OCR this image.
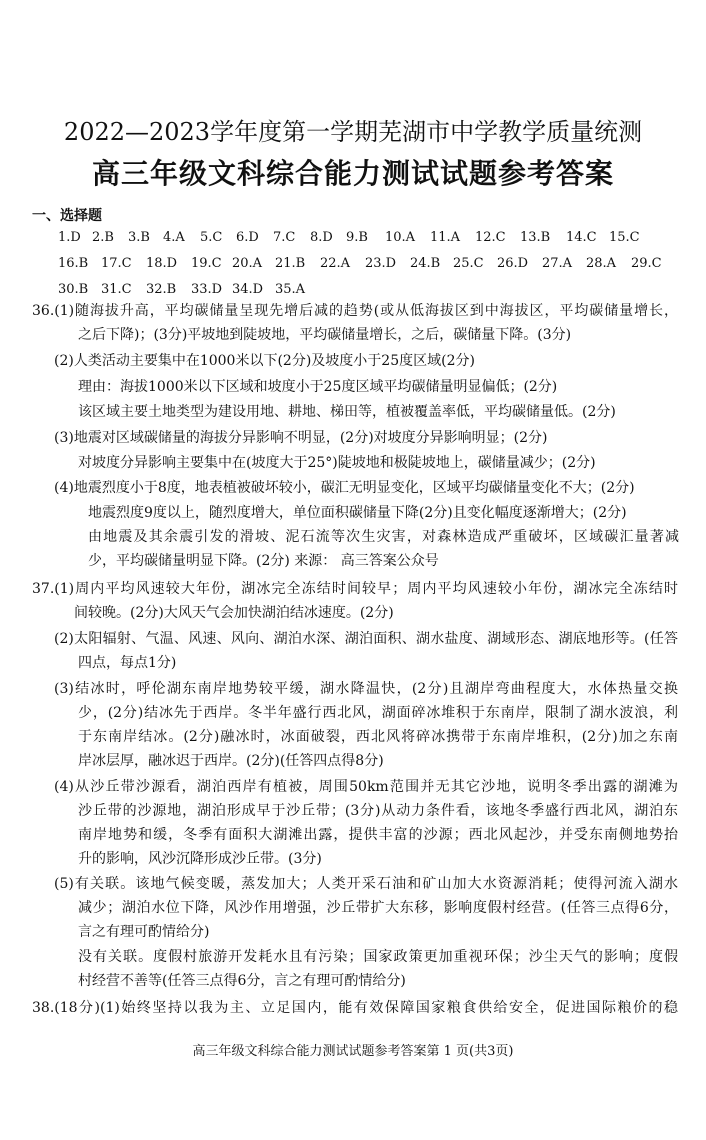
2022—2023学年度第一学期芜湖市中学教学质量统测
高三年级文科综合能力测试试题参考答案
一、选择题
1.D 2.B 3.B 4.A 5.C 6.D 7.C 8.D 9.B 10.A 11.A 12.C 13.B 14.C 15.C
16.B 17.C 18.D 19.C 20.A 21.B 22.A 23.D 24.B 25.C 26.D 27.A 28.A 29.C
30.B 31.C 32.B 33.D 34.D 35.A
36.(1)随海拔升高，平均碳储量呈现先增后减的趋势(或从低海拔区到中海拔区，平均碳储量增长，
之后下降)；(3分)平坡地到陡坡地，平均碳储量增长，之后，碳储量下降。(3分)
(2)人类活动主要集中在1000米以下(2分)及坡度小于25度区域(2分)
理由：海拔1000米以下区域和坡度小于25度区域平均碳储量明显偏低；(2分)
该区域主要土地类型为建设用地、耕地、梯田等，植被覆盖率低，平均碳储量低。(2分)
(3)地震对区域碳储量的海拔分异影响不明显，(2分)对坡度分异影响明显；(2分)
对坡度分异影响主要集中在(坡度大于25°)陡坡地和极陡坡地上，碳储量减少；(2分)
(4)地震烈度小于8度，地表植被破坏较小，碳汇无明显变化，区域平均碳储量变化不大；(2分)
地震烈度9度以上，随烈度增大，单位面积碳储量下降(2分)且变化幅度逐渐增大；(2分)
由地震及其余震引发的滑坡、泥石流等次生灾害，对森林造成严重破坏，区域碳汇量著减
少，平均碳储量明显下降。(2分) 来源： 高三答案公众号
37.(1)周内平均风速较大年份，湖冰完全冻结时间较早；周内平均风速较小年份，湖冰完全冻结时
间较晚。(2分)大风天气会加快湖泊结冰速度。(2分)
(2)太阳辐射、气温、风速、风向、湖泊水深、湖泊面积、湖水盐度、湖域形态、湖底地形等。(任答
四点，每点1分)
(3)结冰时，呼伦湖东南岸地势较平缓，湖水降温快，(2分)且湖岸弯曲程度大，水体热量交换
少，(2分)结冰先于西岸。冬半年盛行西北风，湖面碎冰堆积于东南岸，限制了湖水波浪，利
于东南岸结冰。(2分)融冰时，冰面破裂，西北风将碎冰携带于东南岸堆积，(2分)加之东南
岸冰层厚，融冰迟于西岸。(2分)(任答四点得8分)
(4)从沙丘带沙源看，湖泊西岸有植被，周围50km范围并无其它沙地，说明冬季出露的湖滩为
沙丘带的沙源地，湖泊形成早于沙丘带；(3分)从动力条件看，该地冬季盛行西北风，湖泊东
南岸地势和缓，冬季有面积大湖滩出露，提供丰富的沙源；西北风起沙，并受东南侧地势抬
升的影响，风沙沉降形成沙丘带。(3分)
(5)有关联。该地气候变暖，蒸发加大；人类开采石油和矿山加大水资源消耗；使得河流入湖水
减少；湖泊水位下降，风沙作用增强，沙丘带扩大东移，影响度假村经营。(任答三点得6分，
言之有理可酌情给分)
没有关联。度假村旅游开发耗水且有污染；国家政策更加重视环保；沙尘天气的影响；度假
村经营不善等(任答三点得6分，言之有理可酌情给分)
38.(18分)(1)始终坚持以我为主、立足国内，能有效保障国家粮食供给安全，促进国际粮价的稳
高三年级文科综合能力测试试题参考答案第 1 页(共3页)
